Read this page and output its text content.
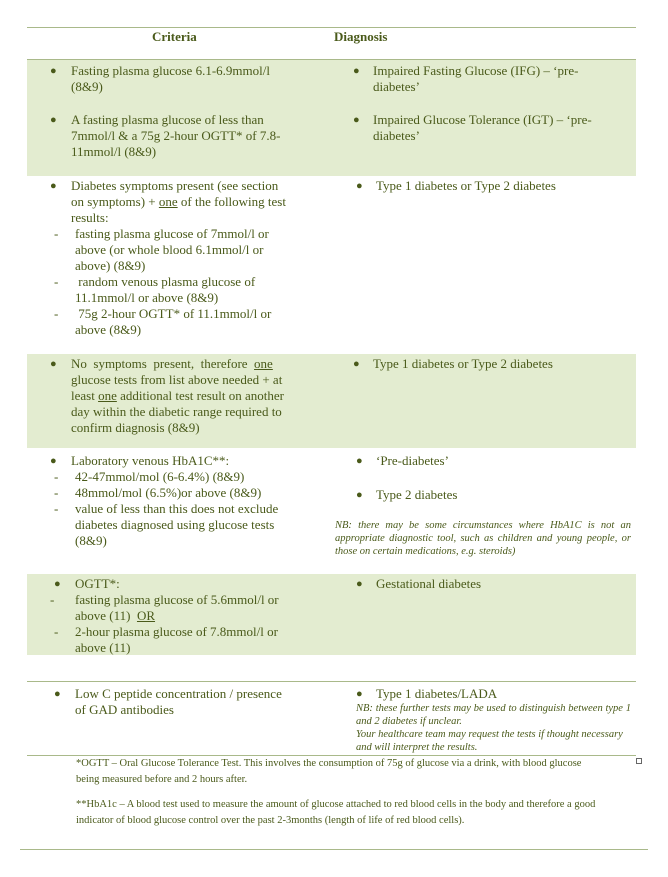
Criteria	Diagnosis
● Fasting plasma glucose 6.1-6.9mmol/l
(8&9)
● A fasting plasma glucose of less than
7mmol/l & a 75g 2-hour OGTT* of 7.8-
11mmol/l (8&9)
● Impaired Fasting Glucose (IFG) – ‘pre-
diabetes’
● Impaired Glucose Tolerance (IGT) – ‘pre-
diabetes’
● Diabetes symptoms present (see section
on symptoms) + one of the following test
results:
- fasting plasma glucose of 7mmol/l or
above (or whole blood 6.1mmol/l or
above) (8&9)
- random venous plasma glucose of
11.1mmol/l or above (8&9)
- 75g 2-hour OGTT* of 11.1mmol/l or
above (8&9)
● Type 1 diabetes or Type 2 diabetes
● No  symptoms  present,  therefore  one
glucose tests from list above needed + at
least one additional test result on another
day within the diabetic range required to
confirm diagnosis (8&9)
● Type 1 diabetes or Type 2 diabetes
● Laboratory venous HbA1C**:
- 42-47mmol/mol (6-6.4%) (8&9)
- 48mmol/mol (6.5%)or above (8&9)
- value of less than this does not exclude
diabetes diagnosed using glucose tests
(8&9)
● ‘Pre-diabetes’
● Type 2 diabetes
NB: there may be some circumstances where HbA1C is not an appropriate diagnostic tool, such as children and young people, or those on certain medications, e.g. steroids)
● OGTT*:
- fasting plasma glucose of 5.6mmol/l or
above (11)  OR
- 2-hour plasma glucose of 7.8mmol/l or
above (11)
● Gestational diabetes
● Low C peptide concentration / presence
of GAD antibodies
● Type 1 diabetes/LADA
NB: these further tests may be used to distinguish between type 1 and 2 diabetes if unclear.
Your healthcare team may request the tests if thought necessary and will interpret the results.
*OGTT – Oral Glucose Tolerance Test. This involves the consumption of 75g of glucose via a drink, with blood glucose being measured before and 2 hours after.
**HbA1c – A blood test used to measure the amount of glucose attached to red blood cells in the body and therefore a good indicator of blood glucose control over the past 2-3months (length of life of red blood cells).
